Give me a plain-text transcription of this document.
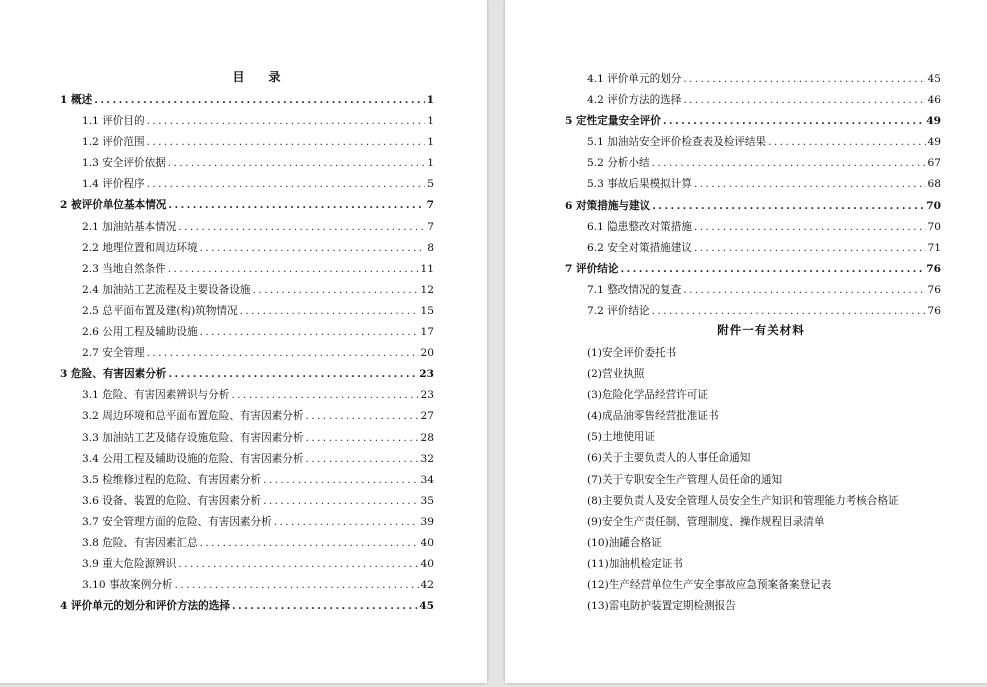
目　录
1 概述 .....	1
1.1 评价目的 .....	1
1.2 评价范围 .....	1
1.3 安全评价依据 .....	1
1.4 评价程序 .....	5
2 被评价单位基本情况 .....	7
2.1 加油站基本情况 .....	7
2.2 地理位置和周边环境 .....	8
2.3 当地自然条件 .....	11
2.4 加油站工艺流程及主要设备设施 .....	12
2.5 总平面布置及建(构)筑物情况 .....	15
2.6 公用工程及辅助设施 .....	17
2.7 安全管理 .....	20
3 危险、有害因素分析 .....	23
3.1 危险、有害因素辨识与分析 .....	23
3.2 周边环境和总平面布置危险、有害因素分析 .....	27
3.3 加油站工艺及储存设施危险、有害因素分析 .....	28
3.4 公用工程及辅助设施的危险、有害因素分析 .....	32
3.5 检维修过程的危险、有害因素分析 .....	34
3.6 设备、装置的危险、有害因素分析 .....	35
3.7 安全管理方面的危险、有害因素分析 .....	39
3.8 危险、有害因素汇总 .....	40
3.9 重大危险源辨识 .....	40
3.10 事故案例分析 .....	42
4 评价单元的划分和评价方法的选择 .....	45
4.1 评价单元的划分 .....	45
4.2 评价方法的选择 .....	46
5 定性定量安全评价 .....	49
5.1 加油站安全评价检查表及检评结果 .....	49
5.2 分析小结 .....	67
5.3 事故后果模拟计算 .....	68
6 对策措施与建议 .....	70
6.1 隐患整改对策措施 .....	70
6.2 安全对策措施建议 .....	71
7 评价结论 .....	76
7.1 整改情况的复查 .....	76
7.2 评价结论 .....	76
附件一有关材料
(1)安全评价委托书
(2)营业执照
(3)危险化学品经营许可证
(4)成品油零售经营批准证书
(5)土地使用证
(6)关于主要负责人的人事任命通知
(7)关于专职安全生产管理人员任命的通知
(8)主要负责人及安全管理人员安全生产知识和管理能力考核合格证
(9)安全生产责任制、管理制度、操作规程目录清单
(10)油罐合格证
(11)加油机检定证书
(12)生产经营单位生产安全事故应急预案备案登记表
(13)雷电防护装置定期检测报告
